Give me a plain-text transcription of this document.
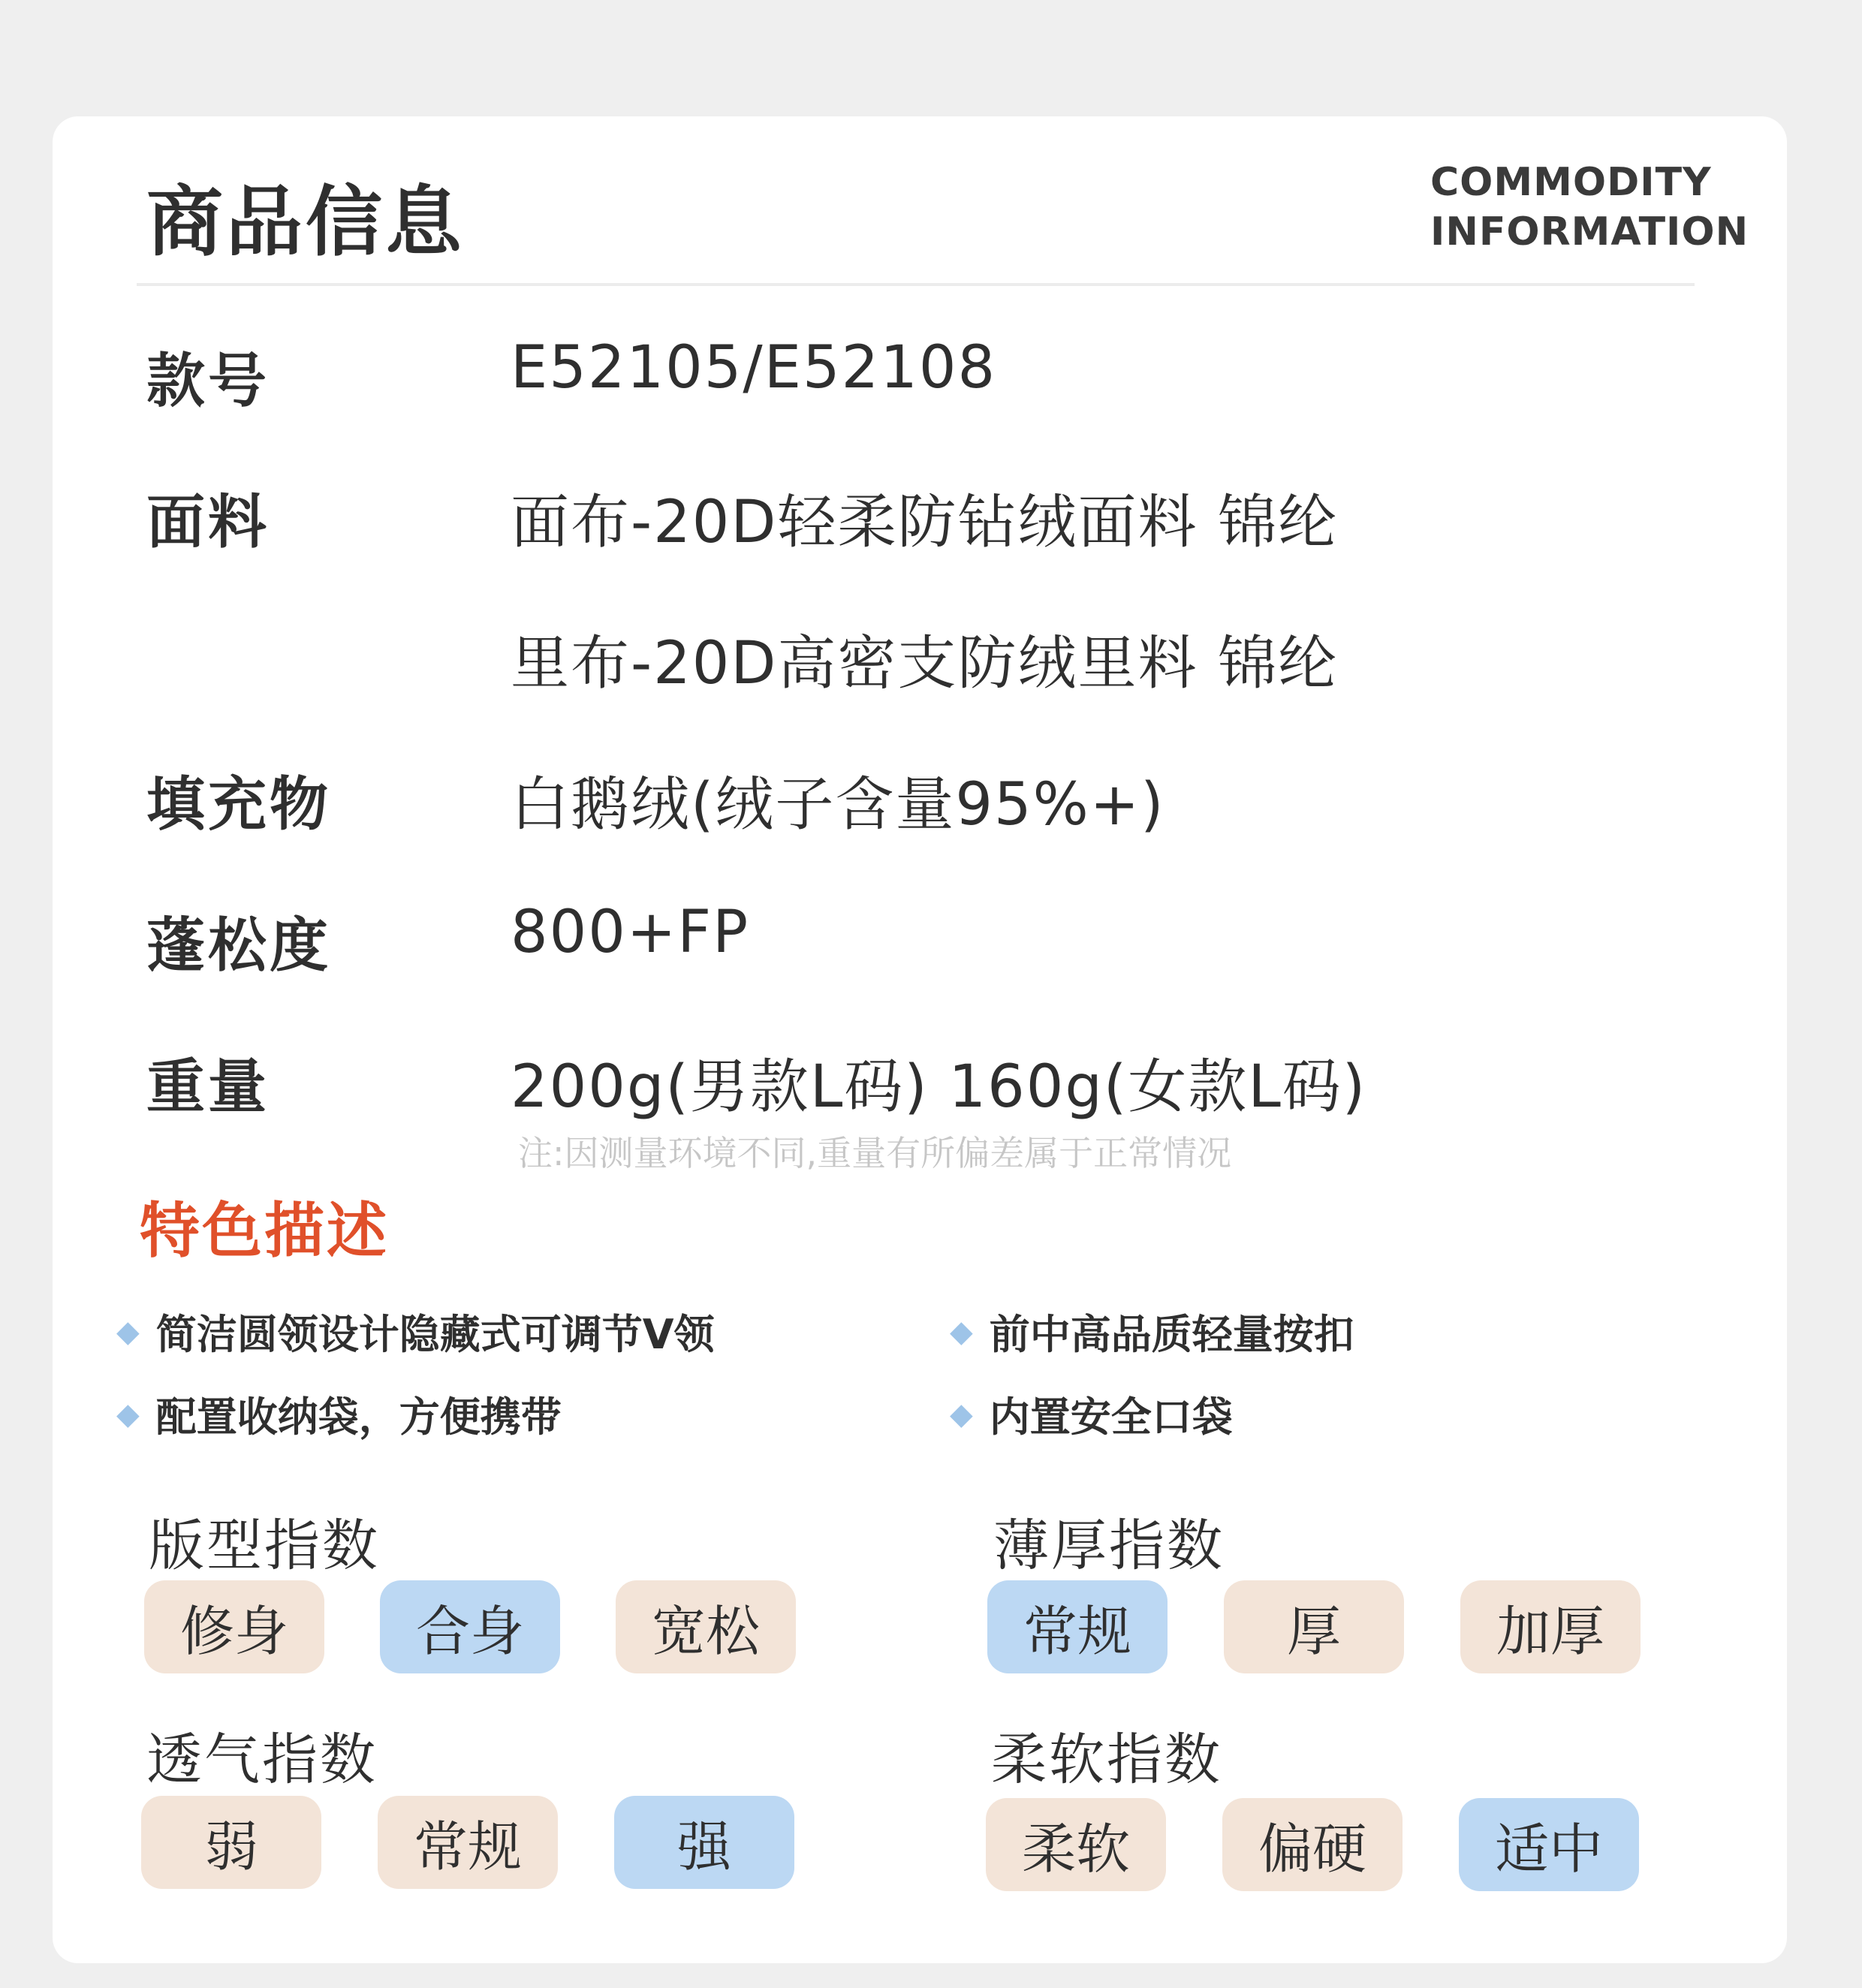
商品信息	COMMODITY
INFORMATION
款号	E52105/E52108
面料	面布-20D轻柔防钻绒面料 锦纶
里布-20D高密支防绒里料 锦纶
填充物	白鹅绒(绒子含量95%+)
蓬松度	800+FP
重量	200g(男款L码) 160g(女款L码)
注:因测量环境不同,重量有所偏差属于正常情况
特色描述
◆ 简洁圆领设计隐藏式可调节V领	◆ 前中高品质轻量按扣
◆ 配置收纳袋，方便携带	◆ 内置安全口袋
版型指数
修身	合身	宽松
薄厚指数
常规	厚	加厚
透气指数
弱	常规	强
柔软指数
柔软	偏硬	适中
